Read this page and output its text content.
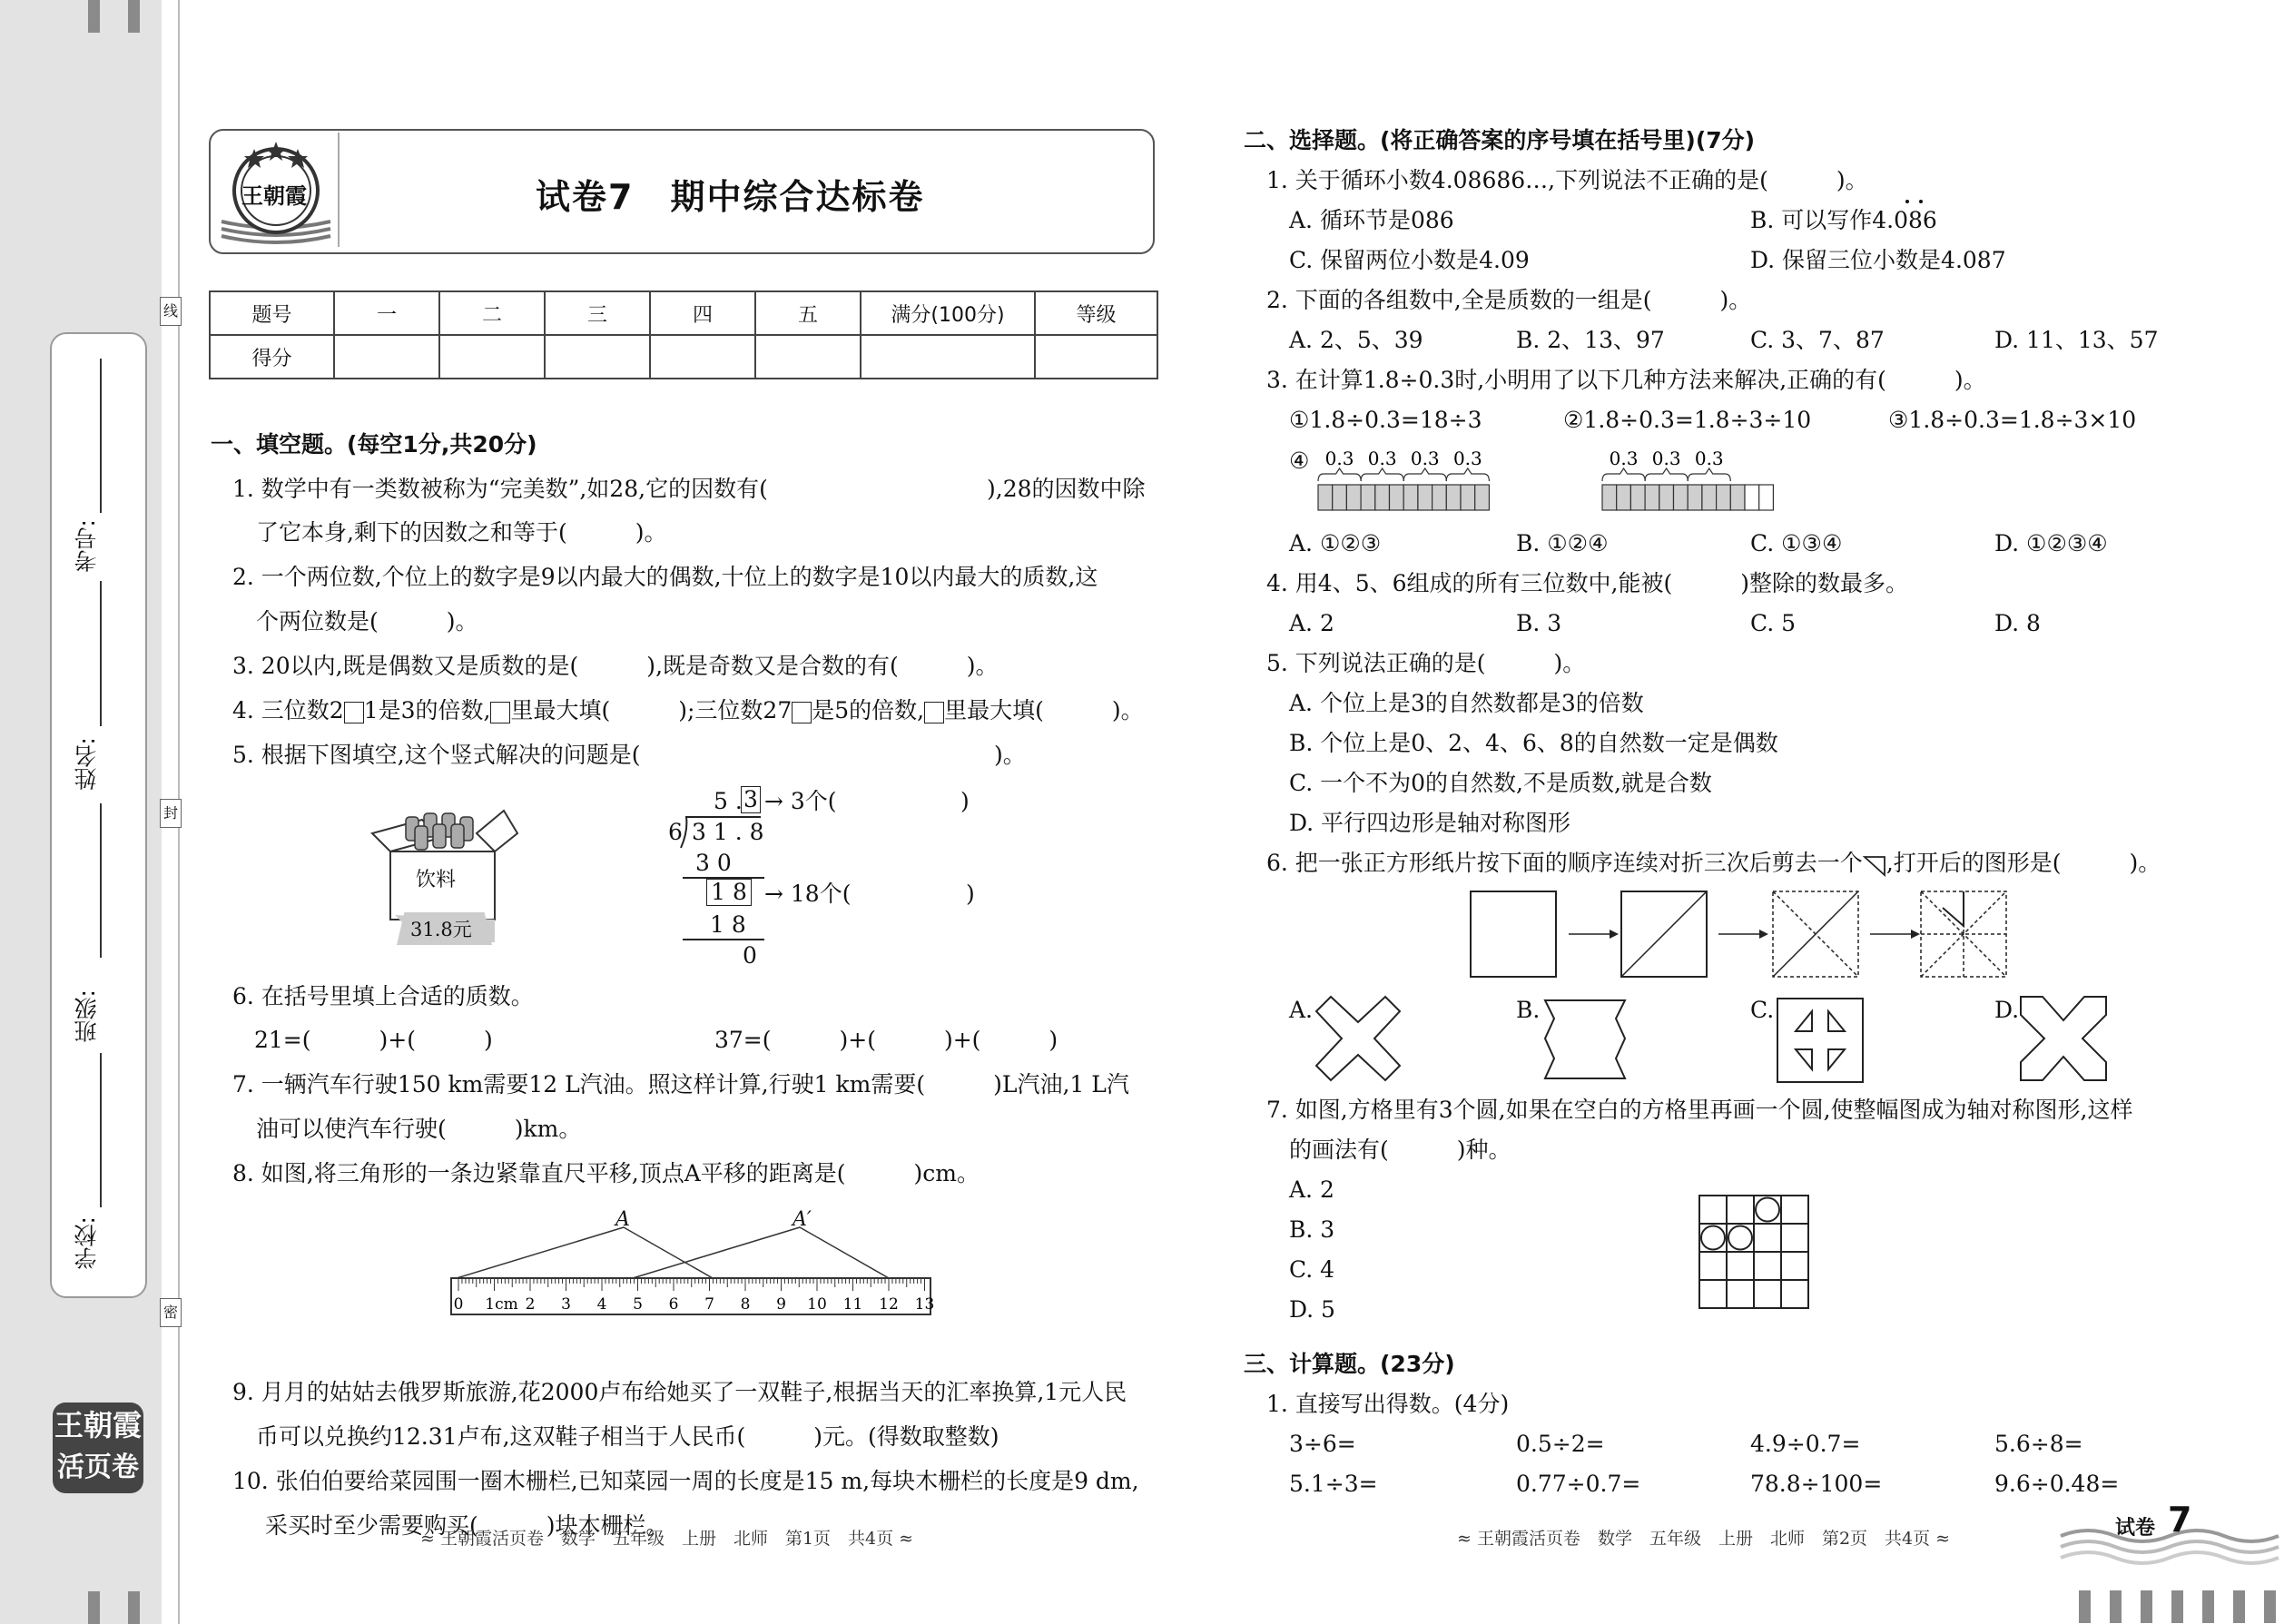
考号:
姓名:
班级:
学校:
线
封
密
王朝霞
活页卷
王朝霞	试卷7　期中综合达标卷
题号	一	二	三	四	五	满分(100分)	等级
得分							
一、填空题。(每空1分,共20分)
1. 数学中有一类数被称为“完美数”,如28,它的因数有(	),28的因数中除
了它本身,剩下的因数之和等于(　　　)。
2. 一个两位数,个位上的数字是9以内最大的偶数,十位上的数字是10以内最大的质数,这
个两位数是(　　　)。
3. 20以内,既是偶数又是质数的是(　　　),既是奇数又是合数的有(　　　)。
4. 三位数2 1是3的倍数, 里最大填(　　　);三位数27 是5的倍数, 里最大填(　　　)。
5. 根据下图填空,这个竖式解决的问题是(	)。
饮料
31.8元
5 . 3 → 3个(	)
6 3 1 . 8
3 0
1 8 → 18个(	)
1 8
0
6. 在括号里填上合适的质数。
21=(　　　)+(　　　)	37=(　　　)+(　　　)+(　　　)
7. 一辆汽车行驶150 km需要12 L汽油。照这样计算,行驶1 km需要(　　　)L汽油,1 L汽
油可以使汽车行驶(　　　)km。
8. 如图,将三角形的一条边紧靠直尺平移,顶点A平移的距离是(　　　)cm。
A	A′
0 1cm 2 3 4 5 6 7 8 9 10 11 12 13
9. 月月的姑姑去俄罗斯旅游,花2000卢布给她买了一双鞋子,根据当天的汇率换算,1元人民
币可以兑换约12.31卢布,这双鞋子相当于人民币(　　　)元。(得数取整数)
10. 张伯伯要给菜园围一圈木栅栏,已知菜园一周的长度是15 m,每块木栅栏的长度是9 dm,
采买时至少需要购买(　　　)块木栅栏。
≈ 王朝霞活页卷　数学　五年级　上册　北师　第1页　共4页 ≈
二、选择题。(将正确答案的序号填在括号里)(7分)
1. 关于循环小数4.08686…,下列说法不正确的是(　　　)。
A. 循环节是086	B. 可以写作4.086
C. 保留两位小数是4.09	D. 保留三位小数是4.087
2. 下面的各组数中,全是质数的一组是(　　　)。
A. 2、5、39	B. 2、13、97	C. 3、7、87	D. 11、13、57
3. 在计算1.8÷0.3时,小明用了以下几种方法来解决,正确的有(　　　)。
①1.8÷0.3=18÷3	②1.8÷0.3=1.8÷3÷10	③1.8÷0.3=1.8÷3×10
④ 0.3 0.3 0.3 0.3	0.3 0.3 0.3
A. ①②③	B. ①②④	C. ①③④	D. ①②③④
4. 用4、5、6组成的所有三位数中,能被(　　　)整除的数最多。
A. 2	B. 3	C. 5	D. 8
5. 下列说法正确的是(　　　)。
A. 个位上是3的自然数都是3的倍数
B. 个位上是0、2、4、6、8的自然数一定是偶数
C. 一个不为0的自然数,不是质数,就是合数
D. 平行四边形是轴对称图形
6. 把一张正方形纸片按下面的顺序连续对折三次后剪去一个 ,打开后的图形是(　　　)。
A.	B.	C.	D.
7. 如图,方格里有3个圆,如果在空白的方格里再画一个圆,使整幅图成为轴对称图形,这样
的画法有(　　　)种。
A. 2
B. 3
C. 4
D. 5
三、计算题。(23分)
1. 直接写出得数。(4分)
3÷6=	0.5÷2=	4.9÷0.7=	5.6÷8=
5.1÷3=	0.77÷0.7=	78.8÷100=	9.6÷0.48=
≈ 王朝霞活页卷　数学　五年级　上册　北师　第2页　共4页 ≈	试卷 7
